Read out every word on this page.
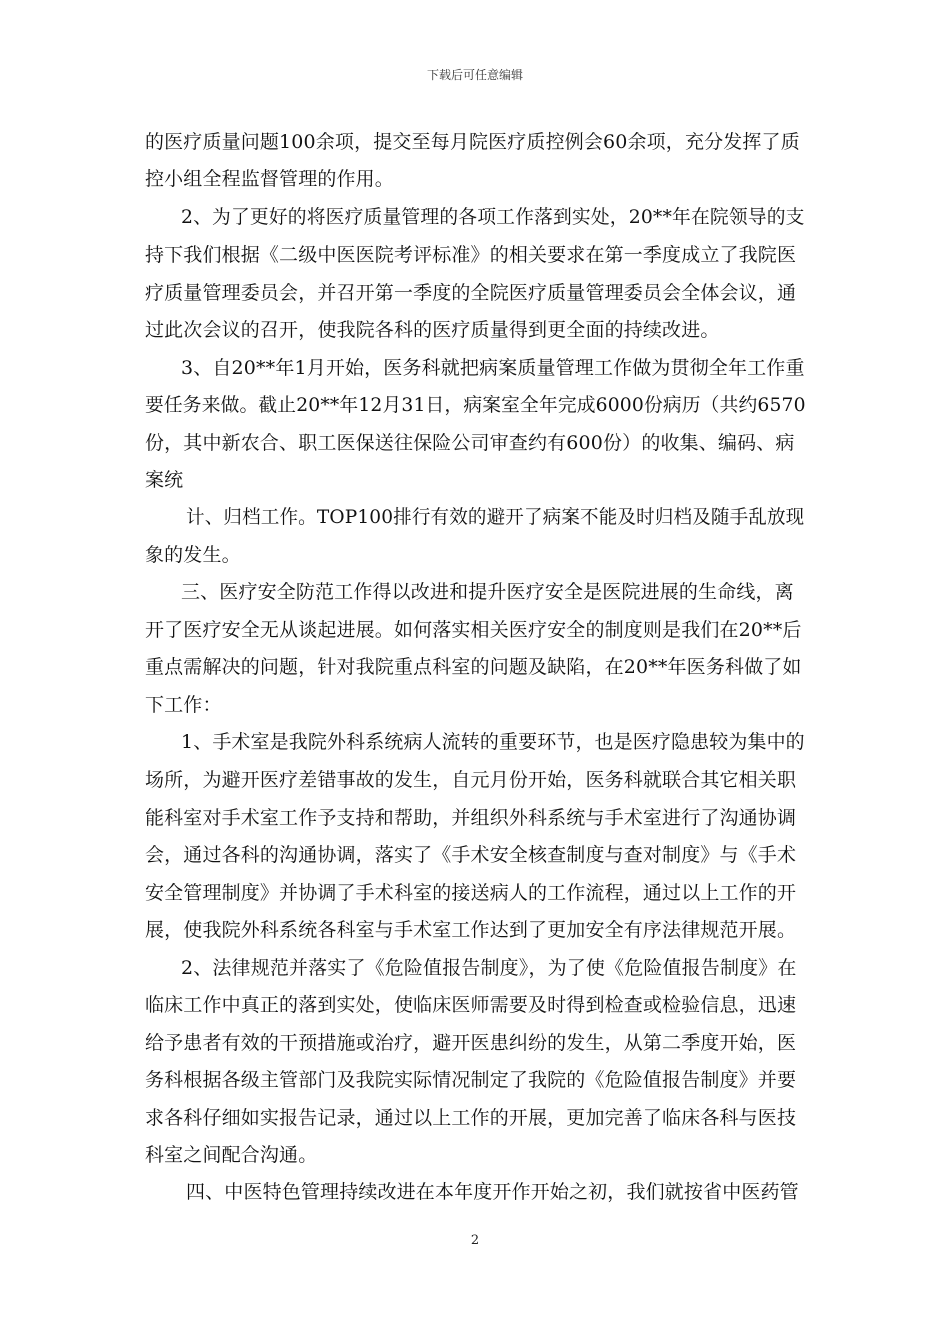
下载后可任意编辑
的医疗质量问题100余项，提交至每月院医疗质控例会60余项，充分发挥了质
控小组全程监督管理的作用。
2、为了更好的将医疗质量管理的各项工作落到实处，20**年在院领导的支
持下我们根据《二级中医医院考评标准》的相关要求在第一季度成立了我院医
疗质量管理委员会，并召开第一季度的全院医疗质量管理委员会全体会议，通
过此次会议的召开，使我院各科的医疗质量得到更全面的持续改进。
3、自20**年1月开始，医务科就把病案质量管理工作做为贯彻全年工作重
要任务来做。截止20**年12月31日，病案室全年完成6000份病历（共约6570
份，其中新农合、职工医保送往保险公司审查约有600份）的收集、编码、病
案统
计、归档工作。TOP100排行有效的避开了病案不能及时归档及随手乱放现
象的发生。
三、医疗安全防范工作得以改进和提升医疗安全是医院进展的生命线，离
开了医疗安全无从谈起进展。如何落实相关医疗安全的制度则是我们在20**后
重点需解决的问题，针对我院重点科室的问题及缺陷，在20**年医务科做了如
下工作：
1、手术室是我院外科系统病人流转的重要环节，也是医疗隐患较为集中的
场所，为避开医疗差错事故的发生，自元月份开始，医务科就联合其它相关职
能科室对手术室工作予支持和帮助，并组织外科系统与手术室进行了沟通协调
会，通过各科的沟通协调，落实了《手术安全核查制度与查对制度》与《手术
安全管理制度》并协调了手术科室的接送病人的工作流程，通过以上工作的开
展，使我院外科系统各科室与手术室工作达到了更加安全有序法律规范开展。
2、法律规范并落实了《危险值报告制度》，为了使《危险值报告制度》在
临床工作中真正的落到实处，使临床医师需要及时得到检查或检验信息，迅速
给予患者有效的干预措施或治疗，避开医患纠纷的发生，从第二季度开始，医
务科根据各级主管部门及我院实际情况制定了我院的《危险值报告制度》并要
求各科仔细如实报告记录，通过以上工作的开展，更加完善了临床各科与医技
科室之间配合沟通。
四、中医特色管理持续改进在本年度开作开始之初，我们就按省中医药管
2
